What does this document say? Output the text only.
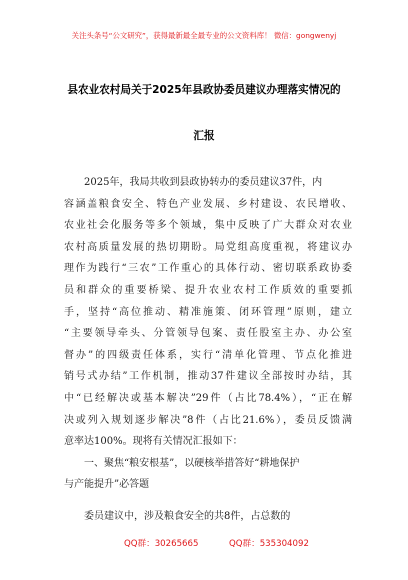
关注头条号“公文研究”，获得最新最全最专业的公文资料库！ 微信：gongwenyj
县农业农村局关于2025年县政协委员建议办理落实情况的
汇报
2025年，我局共收到县政协转办的委员建议37件，内
容涵盖粮食安全、特色产业发展、乡村建设、农民增收、
农业社会化服务等多个领域，集中反映了广大群众对农业
农村高质量发展的热切期盼。局党组高度重视，将建议办
理作为践行“三农”工作重心的具体行动、密切联系政协委
员和群众的重要桥梁、提升农业农村工作质效的重要抓
手，坚持“高位推动、精准施策、闭环管理”原则，建立
“主要领导牵头、分管领导包案、责任股室主办、办公室
督办”的四级责任体系，实行“清单化管理、节点化推进
销号式办结”工作机制，推动37件建议全部按时办结，其
中“已经解决或基本解决”29件（占比78.4%），“正在解
决或列入规划逐步解决”8件（占比21.6%），委员反馈满
意率达100%。现将有关情况汇报如下：
一、聚焦“粮安根基”，以硬核举措答好“耕地保护
与产能提升”必答题
委员建议中，涉及粮食安全的共8件，占总数的
QQ群：30265665	QQ群：535304092
